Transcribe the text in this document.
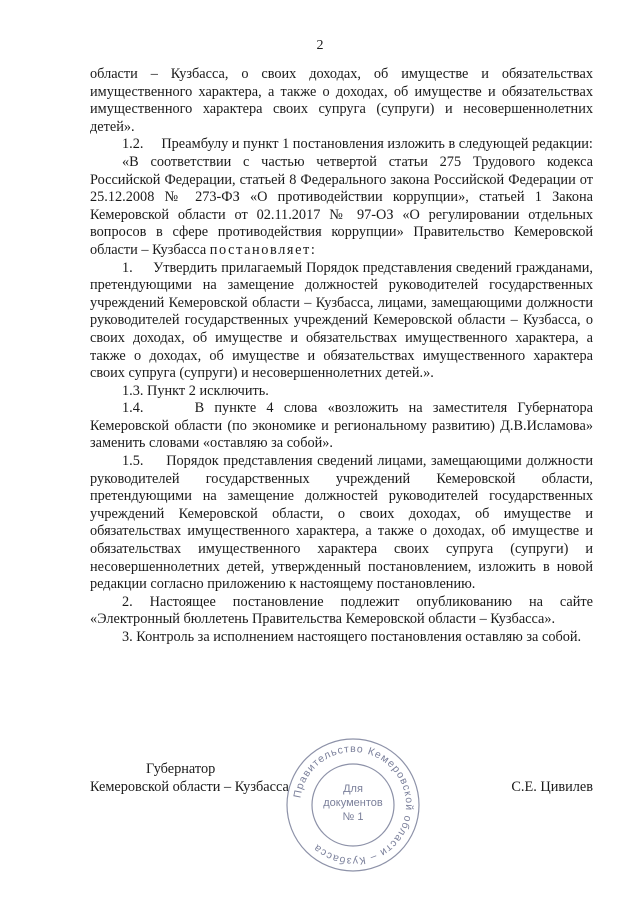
2

области – Кузбасса, о своих доходах, об имуществе и обязательствах имущественного характера, а также о доходах, об имуществе и обязательствах имущественного характера своих супруга (супруги) и несовершеннолетних детей».

1.2.     Преамбулу и пункт 1 постановления изложить в следующей редакции:

«В соответствии с частью четвертой статьи 275 Трудового кодекса Российской Федерации, статьей 8 Федерального закона Российской Федерации от 25.12.2008 № 273-ФЗ «О противодействии коррупции», статьей 1 Закона Кемеровской области от 02.11.2017 № 97-ОЗ «О регулировании отдельных вопросов в сфере противодействия коррупции» Правительство Кемеровской области – Кузбасса постановляет:

1.     Утвердить прилагаемый Порядок представления сведений гражданами, претендующими на замещение должностей руководителей государственных учреждений Кемеровской области – Кузбасса, лицами, замещающими должности руководителей государственных учреждений Кемеровской области – Кузбасса, о своих доходах, об имуществе и обязательствах имущественного характера, а также о доходах, об имуществе и обязательствах имущественного характера своих супруга (супруги) и несовершеннолетних детей.».

1.3. Пункт 2 исключить.

1.4.     В пункте 4 слова «возложить на заместителя Губернатора Кемеровской области (по экономике и региональному развитию) Д.В.Исламова» заменить словами «оставляю за собой».

1.5.     Порядок представления сведений лицами, замещающими должности руководителей государственных учреждений Кемеровской области, претендующими на замещение должностей руководителей государственных учреждений Кемеровской области, о своих доходах, об имуществе и обязательствах имущественного характера, а также о доходах, об имуществе и обязательствах имущественного характера своих супруга (супруги) и несовершеннолетних детей, утвержденный постановлением, изложить в новой редакции согласно приложению к настоящему постановлению.

2. Настоящее постановление подлежит опубликованию на сайте «Электронный бюллетень Правительства Кемеровской области – Кузбасса».

3. Контроль за исполнением настоящего постановления оставляю за собой.

Губернатор
Кемеровской области – Кузбасса	С.Е. Цивилев
Правительство Кемеровской области – Кузбасса
Для
документов
№ 1
